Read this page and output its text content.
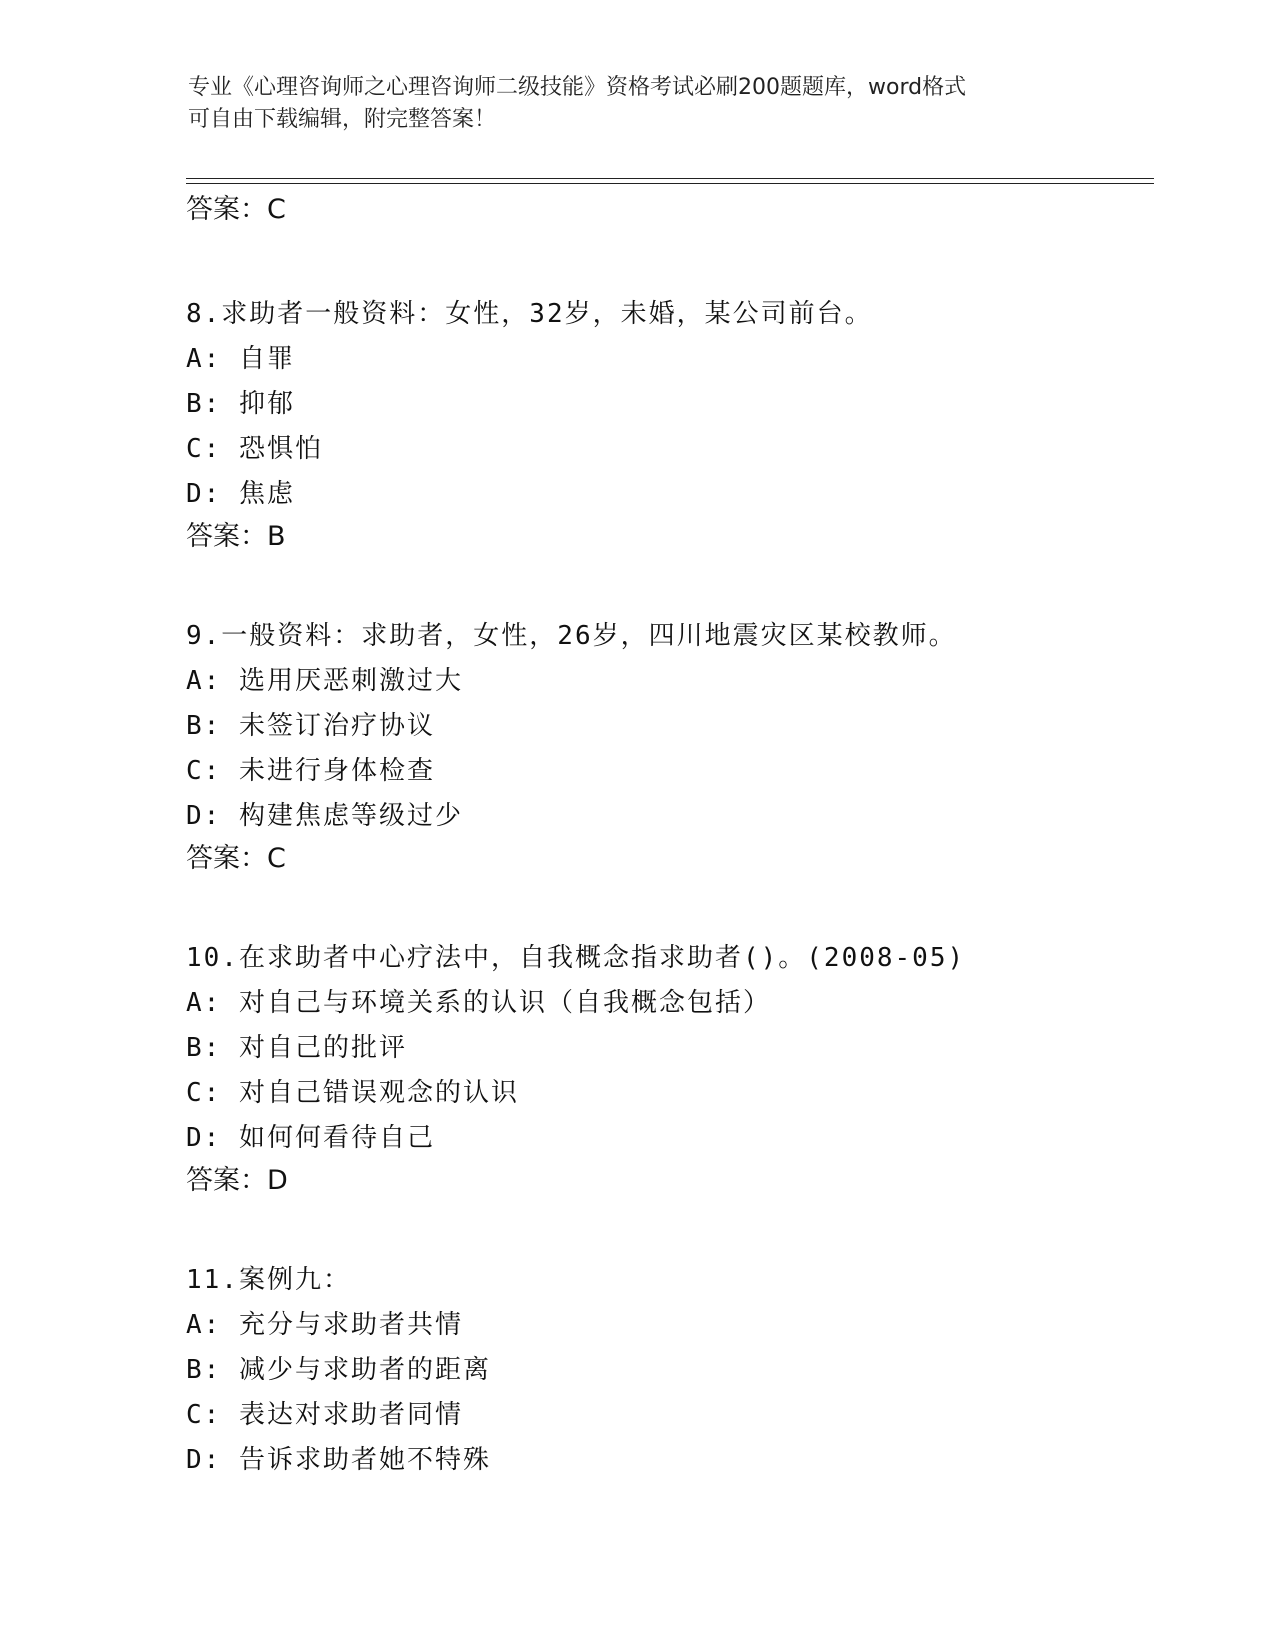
专业《心理咨询师之心理咨询师二级技能》资格考试必刷200题题库，word格式
可自由下载编辑，附完整答案！
答案：C
8.求助者一般资料：女性，32岁，未婚，某公司前台。
A: 自罪
B: 抑郁
C: 恐惧怕
D: 焦虑
答案：B
9.一般资料：求助者，女性，26岁，四川地震灾区某校教师。
A: 选用厌恶刺激过大
B: 未签订治疗协议
C: 未进行身体检查
D: 构建焦虑等级过少
答案：C
10.在求助者中心疗法中，自我概念指求助者()。(2008-05)
A: 对自己与环境关系的认识（自我概念包括）
B: 对自己的批评
C: 对自己错误观念的认识
D: 如何何看待自己
答案：D
11.案例九：
A: 充分与求助者共情
B: 减少与求助者的距离
C: 表达对求助者同情
D: 告诉求助者她不特殊
